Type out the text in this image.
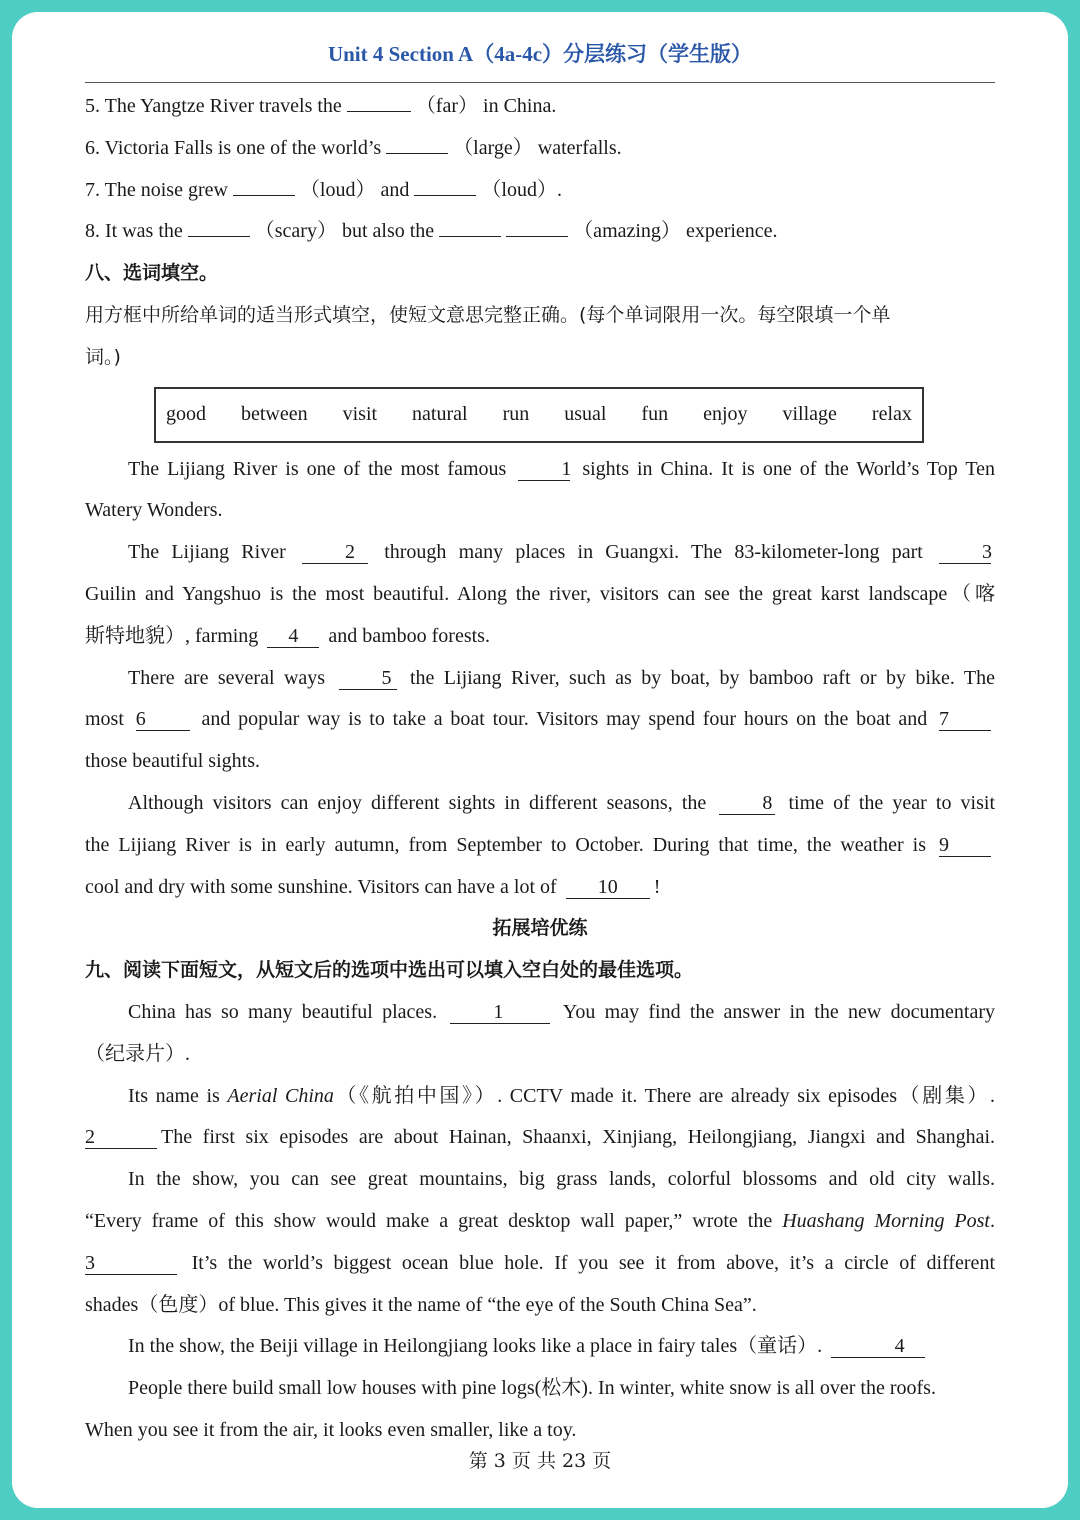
Unit 4 Section A（4a-4c）分层练习（学生版）
5. The Yangtze River travels the	（far） in China.
6. Victoria Falls is one of the world’s	（large） waterfalls.
7. The noise grew	（loud） and	（loud）.
8. It was the	（scary） but also the	（amazing） experience.
八、选词填空。
用方框中所给单词的适当形式填空，使短文意思完整正确。(每个单词限用一次。每空限填一个单
词。)
good between visit natural run usual fun enjoy village relax
The Lijiang River is one of the most famous	1 sights in China. It is one of the World’s Top Ten
Watery Wonders.
The Lijiang River	2 through many places in Guangxi. The 83-kilometer-long part	3
Guilin and Yangshuo is the most beautiful. Along the river, visitors can see the great karst landscape（喀
斯特地貌）, farming 4 and bamboo forests.
There are several ways	5 the Lijiang River, such as by boat, by bamboo raft or by bike. The
most 6	and popular way is to take a boat tour. Visitors may spend four hours on the boat and 7
those beautiful sights.
Although visitors can enjoy different sights in different seasons, the	8 time of the year to visit
the Lijiang River is in early autumn, from September to October. During that time, the weather is 9
cool and dry with some sunshine. Visitors can have a lot of 10 !
拓展培优练
九、阅读下面短文，从短文后的选项中选出可以填入空白处的最佳选项。
China has so many beautiful places.	1	You may find the answer in the new documentary
（纪录片）.
Its name is Aerial China（《航拍中国》）. CCTV made it. There are already six episodes（剧集）.
2	The first six episodes are about Hainan, Shaanxi, Xinjiang, Heilongjiang, Jiangxi and Shanghai.
In the show, you can see great mountains, big grass lands, colorful blossoms and old city walls.
“Every frame of this show would make a great desktop wall paper,” wrote the Huashang Morning Post.
3	It’s the world’s biggest ocean blue hole. If you see it from above, it’s a circle of different
shades（色度）of blue. This gives it the name of “the eye of the South China Sea”.
In the show, the Beiji village in Heilongjiang looks like a place in fairy tales（童话）.	4
People there build small low houses with pine logs(松木). In winter, white snow is all over the roofs.
When you see it from the air, it looks even smaller, like a toy.
第 3 页 共 23 页
